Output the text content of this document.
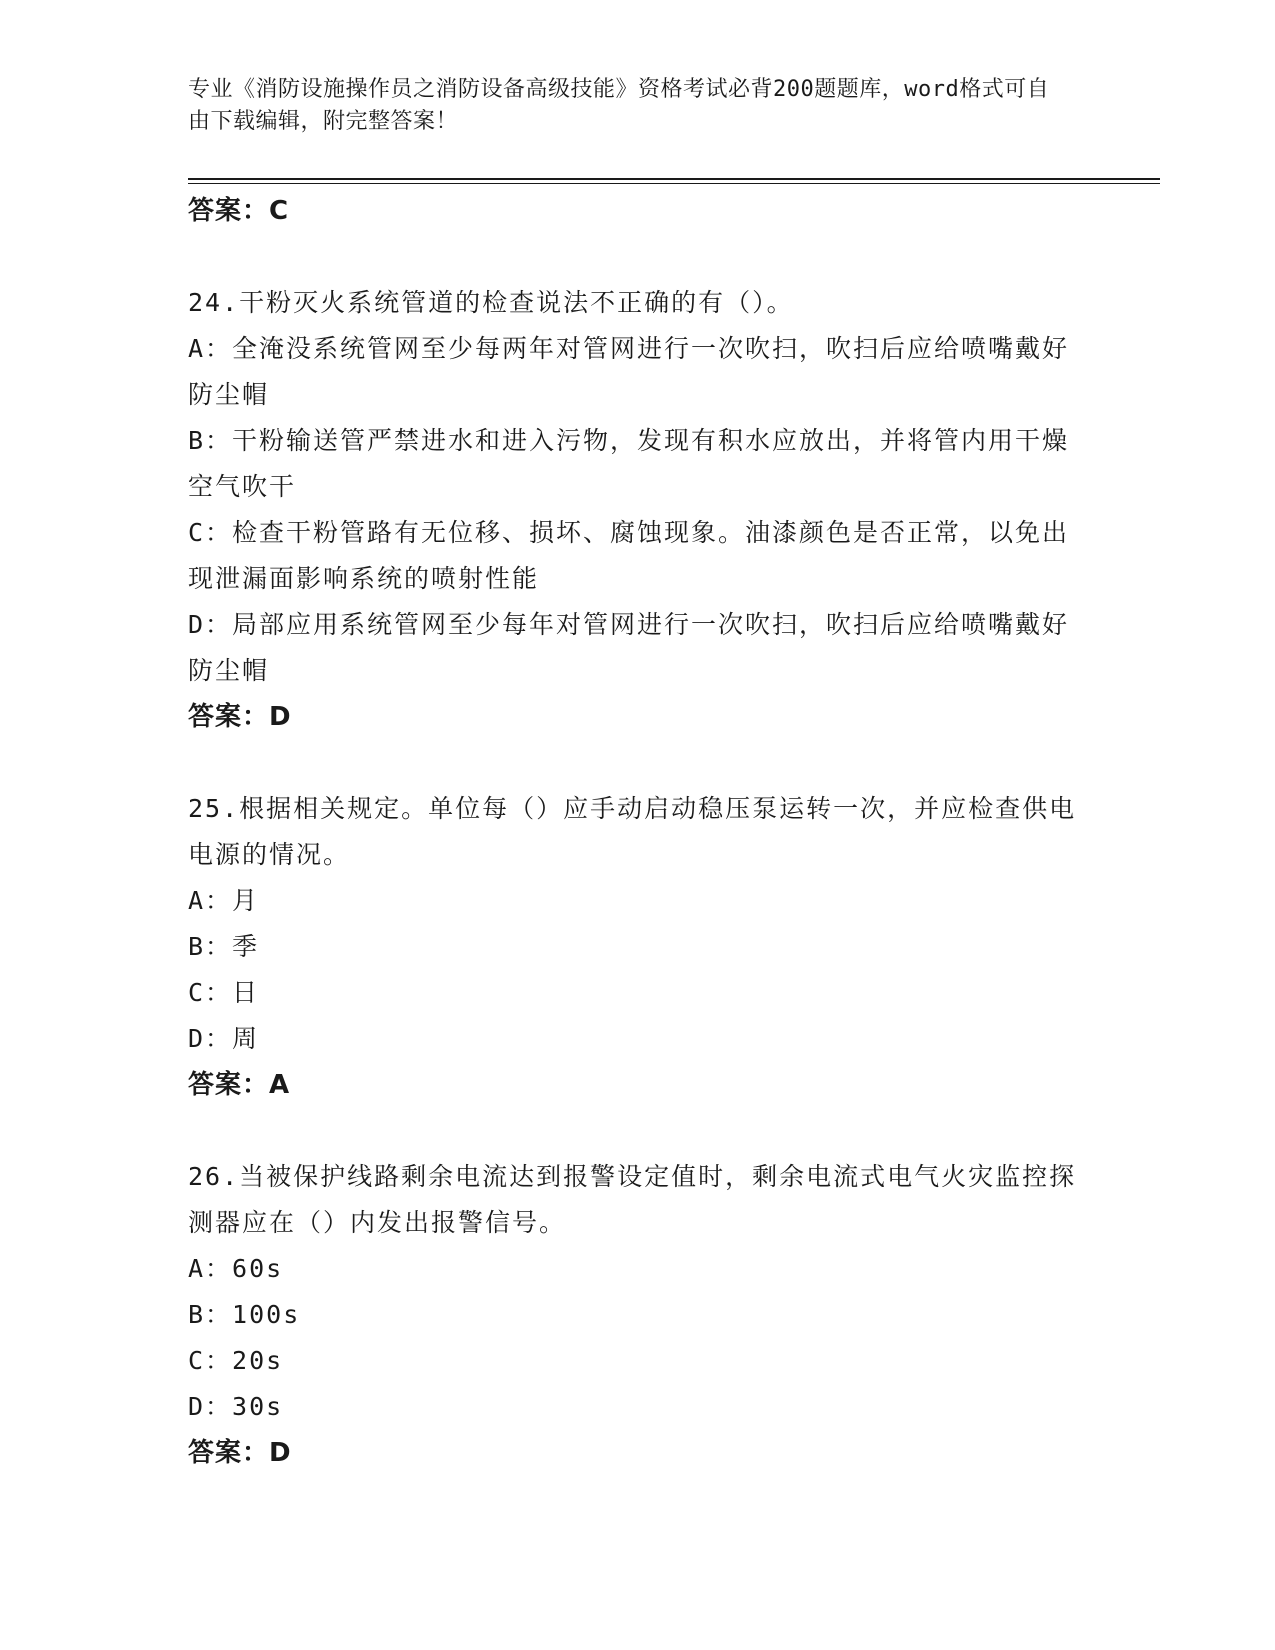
专业《消防设施操作员之消防设备高级技能》资格考试必背200题题库，word格式可自由下载编辑，附完整答案！
答案：C
24.干粉灭火系统管道的检查说法不正确的有（）。
A：全淹没系统管网至少每两年对管网进行一次吹扫，吹扫后应给喷嘴戴好防尘帽
B：干粉输送管严禁进水和进入污物，发现有积水应放出，并将管内用干燥空气吹干
C：检查干粉管路有无位移、损坏、腐蚀现象。油漆颜色是否正常，以免出现泄漏面影响系统的喷射性能
D：局部应用系统管网至少每年对管网进行一次吹扫，吹扫后应给喷嘴戴好防尘帽
答案：D
25.根据相关规定。单位每（）应手动启动稳压泵运转一次，并应检查供电电源的情况。
A：月
B：季
C：日
D：周
答案：A
26.当被保护线路剩余电流达到报警设定值时，剩余电流式电气火灾监控探测器应在（）内发出报警信号。
A：60s
B：100s
C：20s
D：30s
答案：D
